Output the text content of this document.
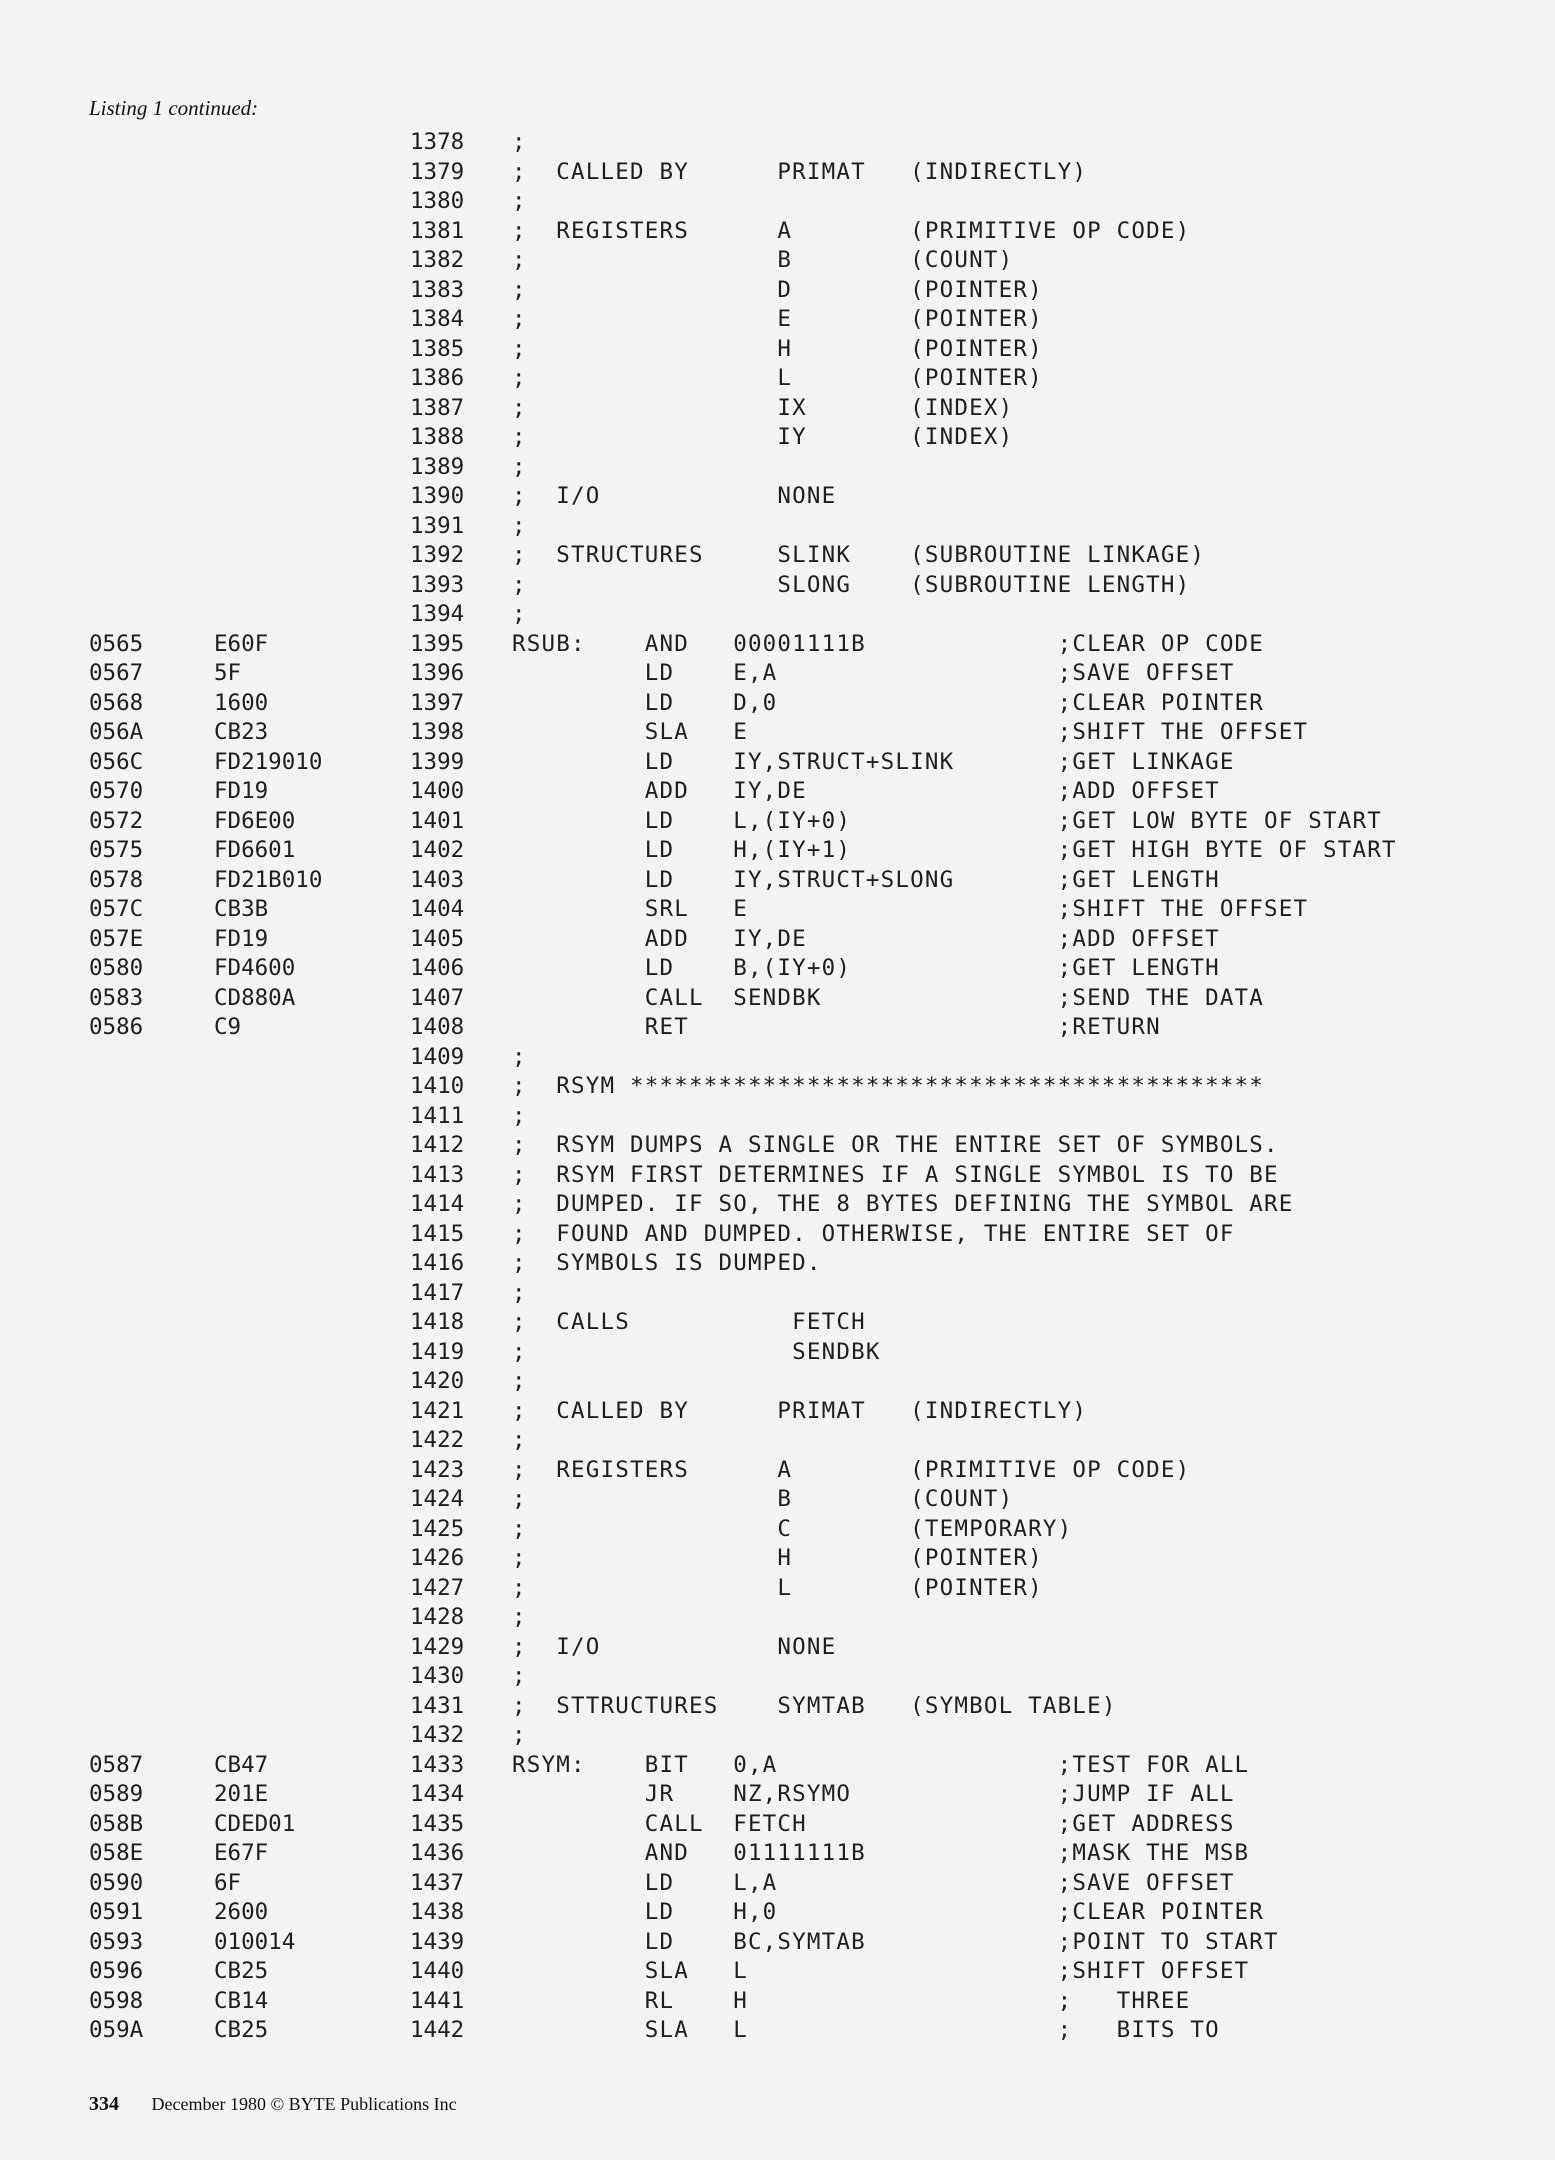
Listing 1 continued:
1378 ;
1379 ;  CALLED BY      PRIMAT   (INDIRECTLY)
1380 ;
1381 ;  REGISTERS      A        (PRIMITIVE OP CODE)
1382 ;                 B        (COUNT)
1383 ;                 D        (POINTER)
1384 ;                 E        (POINTER)
1385 ;                 H        (POINTER)
1386 ;                 L        (POINTER)
1387 ;                 IX       (INDEX)
1388 ;                 IY       (INDEX)
1389 ;
1390 ;  I/O            NONE
1391 ;
1392 ;  STRUCTURES     SLINK    (SUBROUTINE LINKAGE)
1393 ;                 SLONG    (SUBROUTINE LENGTH)
1394 ;
0565	E60F	1395 RSUB:    AND   00001111B             ;CLEAR OP CODE
0567	5F	1396 LD    E,A                   ;SAVE OFFSET
0568	1600	1397 LD    D,0                   ;CLEAR POINTER
056A	CB23	1398 SLA   E                     ;SHIFT THE OFFSET
056C	FD219010	1399 LD    IY,STRUCT+SLINK       ;GET LINKAGE
0570	FD19	1400 ADD   IY,DE                 ;ADD OFFSET
0572	FD6E00	1401 LD    L,(IY+0)              ;GET LOW BYTE OF START
0575	FD6601	1402 LD    H,(IY+1)              ;GET HIGH BYTE OF START
0578	FD21B010	1403 LD    IY,STRUCT+SLONG       ;GET LENGTH
057C	CB3B	1404 SRL   E                     ;SHIFT THE OFFSET
057E	FD19	1405 ADD   IY,DE                 ;ADD OFFSET
0580	FD4600	1406 LD    B,(IY+0)              ;GET LENGTH
0583	CD880A	1407 CALL  SENDBK                ;SEND THE DATA
0586	C9	1408 RET                         ;RETURN
1409 ;
1410 ;  RSYM *******************************************
1411 ;
1412 ;  RSYM DUMPS A SINGLE OR THE ENTIRE SET OF SYMBOLS.
1413 ;  RSYM FIRST DETERMINES IF A SINGLE SYMBOL IS TO BE
1414 ;  DUMPED. IF SO, THE 8 BYTES DEFINING THE SYMBOL ARE
1415 ;  FOUND AND DUMPED. OTHERWISE, THE ENTIRE SET OF
1416 ;  SYMBOLS IS DUMPED.
1417 ;
1418 ;  CALLS           FETCH
1419 ;                  SENDBK
1420 ;
1421 ;  CALLED BY      PRIMAT   (INDIRECTLY)
1422 ;
1423 ;  REGISTERS      A        (PRIMITIVE OP CODE)
1424 ;                 B        (COUNT)
1425 ;                 C        (TEMPORARY)
1426 ;                 H        (POINTER)
1427 ;                 L        (POINTER)
1428 ;
1429 ;  I/O            NONE
1430 ;
1431 ;  STTRUCTURES    SYMTAB   (SYMBOL TABLE)
1432 ;
0587	CB47	1433 RSYM:    BIT   0,A                   ;TEST FOR ALL
0589	201E	1434 JR    NZ,RSYMO              ;JUMP IF ALL
058B	CDED01	1435 CALL  FETCH                 ;GET ADDRESS
058E	E67F	1436 AND   01111111B             ;MASK THE MSB
0590	6F	1437 LD    L,A                   ;SAVE OFFSET
0591	2600	1438 LD    H,0                   ;CLEAR POINTER
0593	010014	1439 LD    BC,SYMTAB             ;POINT TO START
0596	CB25	1440 SLA   L                     ;SHIFT OFFSET
0598	CB14	1441 RL    H                     ;   THREE
059A	CB25	1442 SLA   L                     ;   BITS TO
334 December 1980 © BYTE Publications Inc
